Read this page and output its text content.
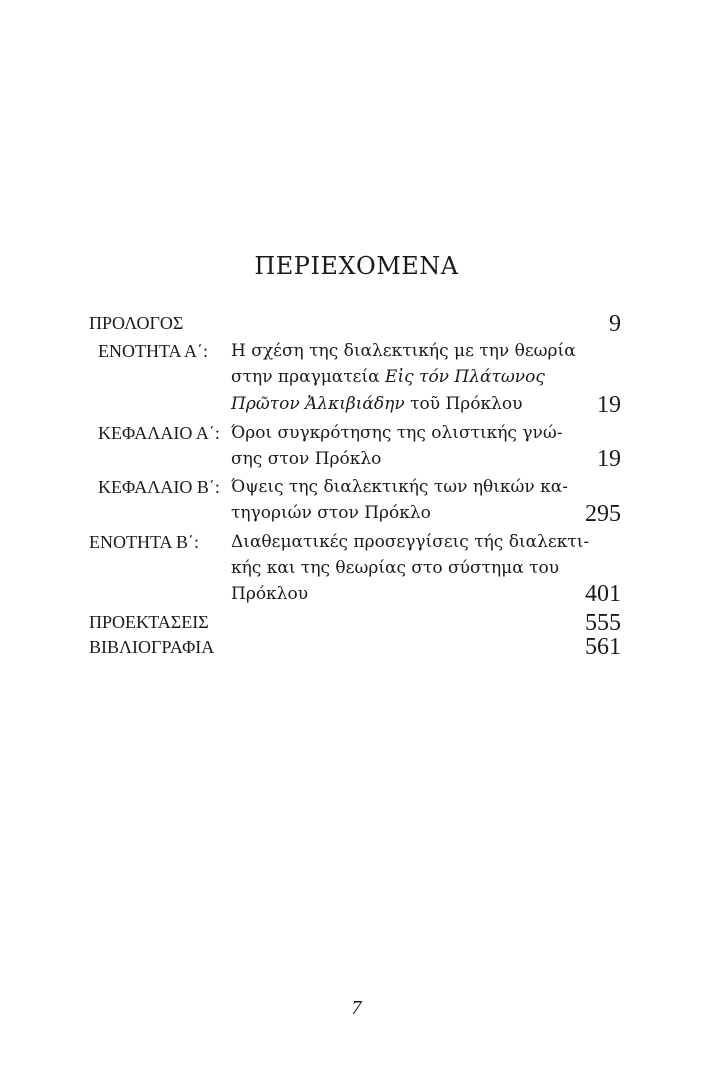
ΠΕΡΙΕΧΟΜΕΝΑ
ΠΡΟΛΟΓΟΣ	9
ΕΝΟΤΗΤΑ Α΄: Η σχέση της διαλεκτικής με την θεωρία
στην πραγματεία Εἰς τόν Πλάτωνος
Πρῶτον Ἀλκιβιάδην τοῦ Πρόκλου	19
ΚΕΦΑΛΑΙΟ Α΄: Όροι συγκρότησης της ολιστικής γνώ-
σης στον Πρόκλο	19
ΚΕΦΑΛΑΙΟ Β΄: Όψεις της διαλεκτικής των ηθικών κα-
τηγοριών στον Πρόκλο	295
ΕΝΟΤΗΤΑ Β΄: Διαθεματικές προσεγγίσεις τής διαλεκτι-
κής και της θεωρίας στο σύστημα του
Πρόκλου	401
ΠΡΟΕΚΤΑΣΕΙΣ	555
ΒΙΒΛΙΟΓΡΑΦΙΑ	561
7
